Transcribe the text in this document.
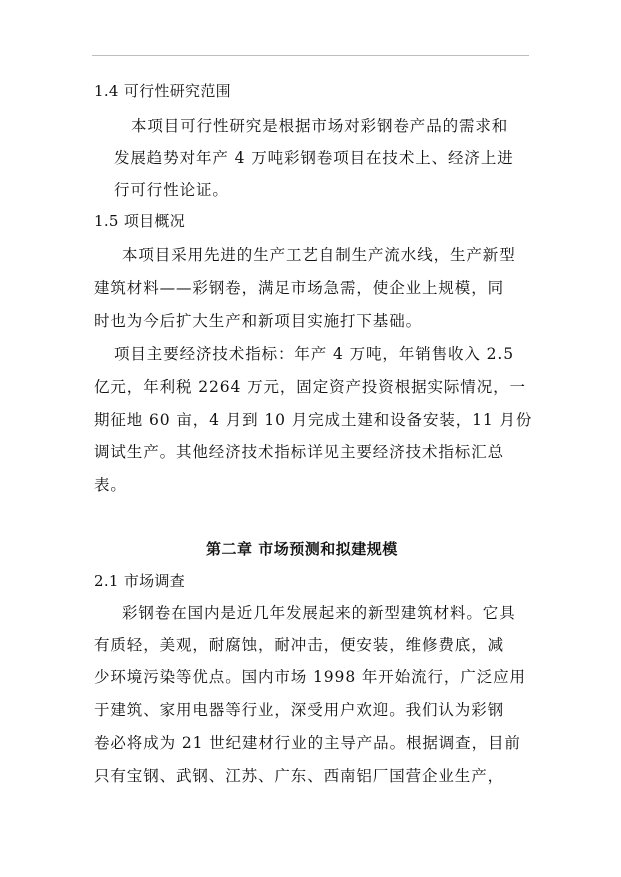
1.4 可行性研究范围
本项目可行性研究是根据市场对彩钢卷产品的需求和
发展趋势对年产 4 万吨彩钢卷项目在技术上、经济上进
行可行性论证。
1.5 项目概况
本项目采用先进的生产工艺自制生产流水线，生产新型
建筑材料——彩钢卷，满足市场急需，使企业上规模，同
时也为今后扩大生产和新项目实施打下基础。
项目主要经济技术指标：年产 4 万吨，年销售收入 2.5
亿元，年利税 2264 万元，固定资产投资根据实际情况，一
期征地 60 亩，4 月到 10 月完成土建和设备安装，11 月份
调试生产。其他经济技术指标详见主要经济技术指标汇总
表。
第二章 市场预测和拟建规模
2.1 市场调查
彩钢卷在国内是近几年发展起来的新型建筑材料。它具
有质轻，美观，耐腐蚀，耐冲击，便安装，维修费底，减
少环境污染等优点。国内市场 1998 年开始流行，广泛应用
于建筑、家用电器等行业，深受用户欢迎。我们认为彩钢
卷必将成为 21 世纪建材行业的主导产品。根据调查，目前
只有宝钢、武钢、江苏、广东、西南铝厂国营企业生产，
